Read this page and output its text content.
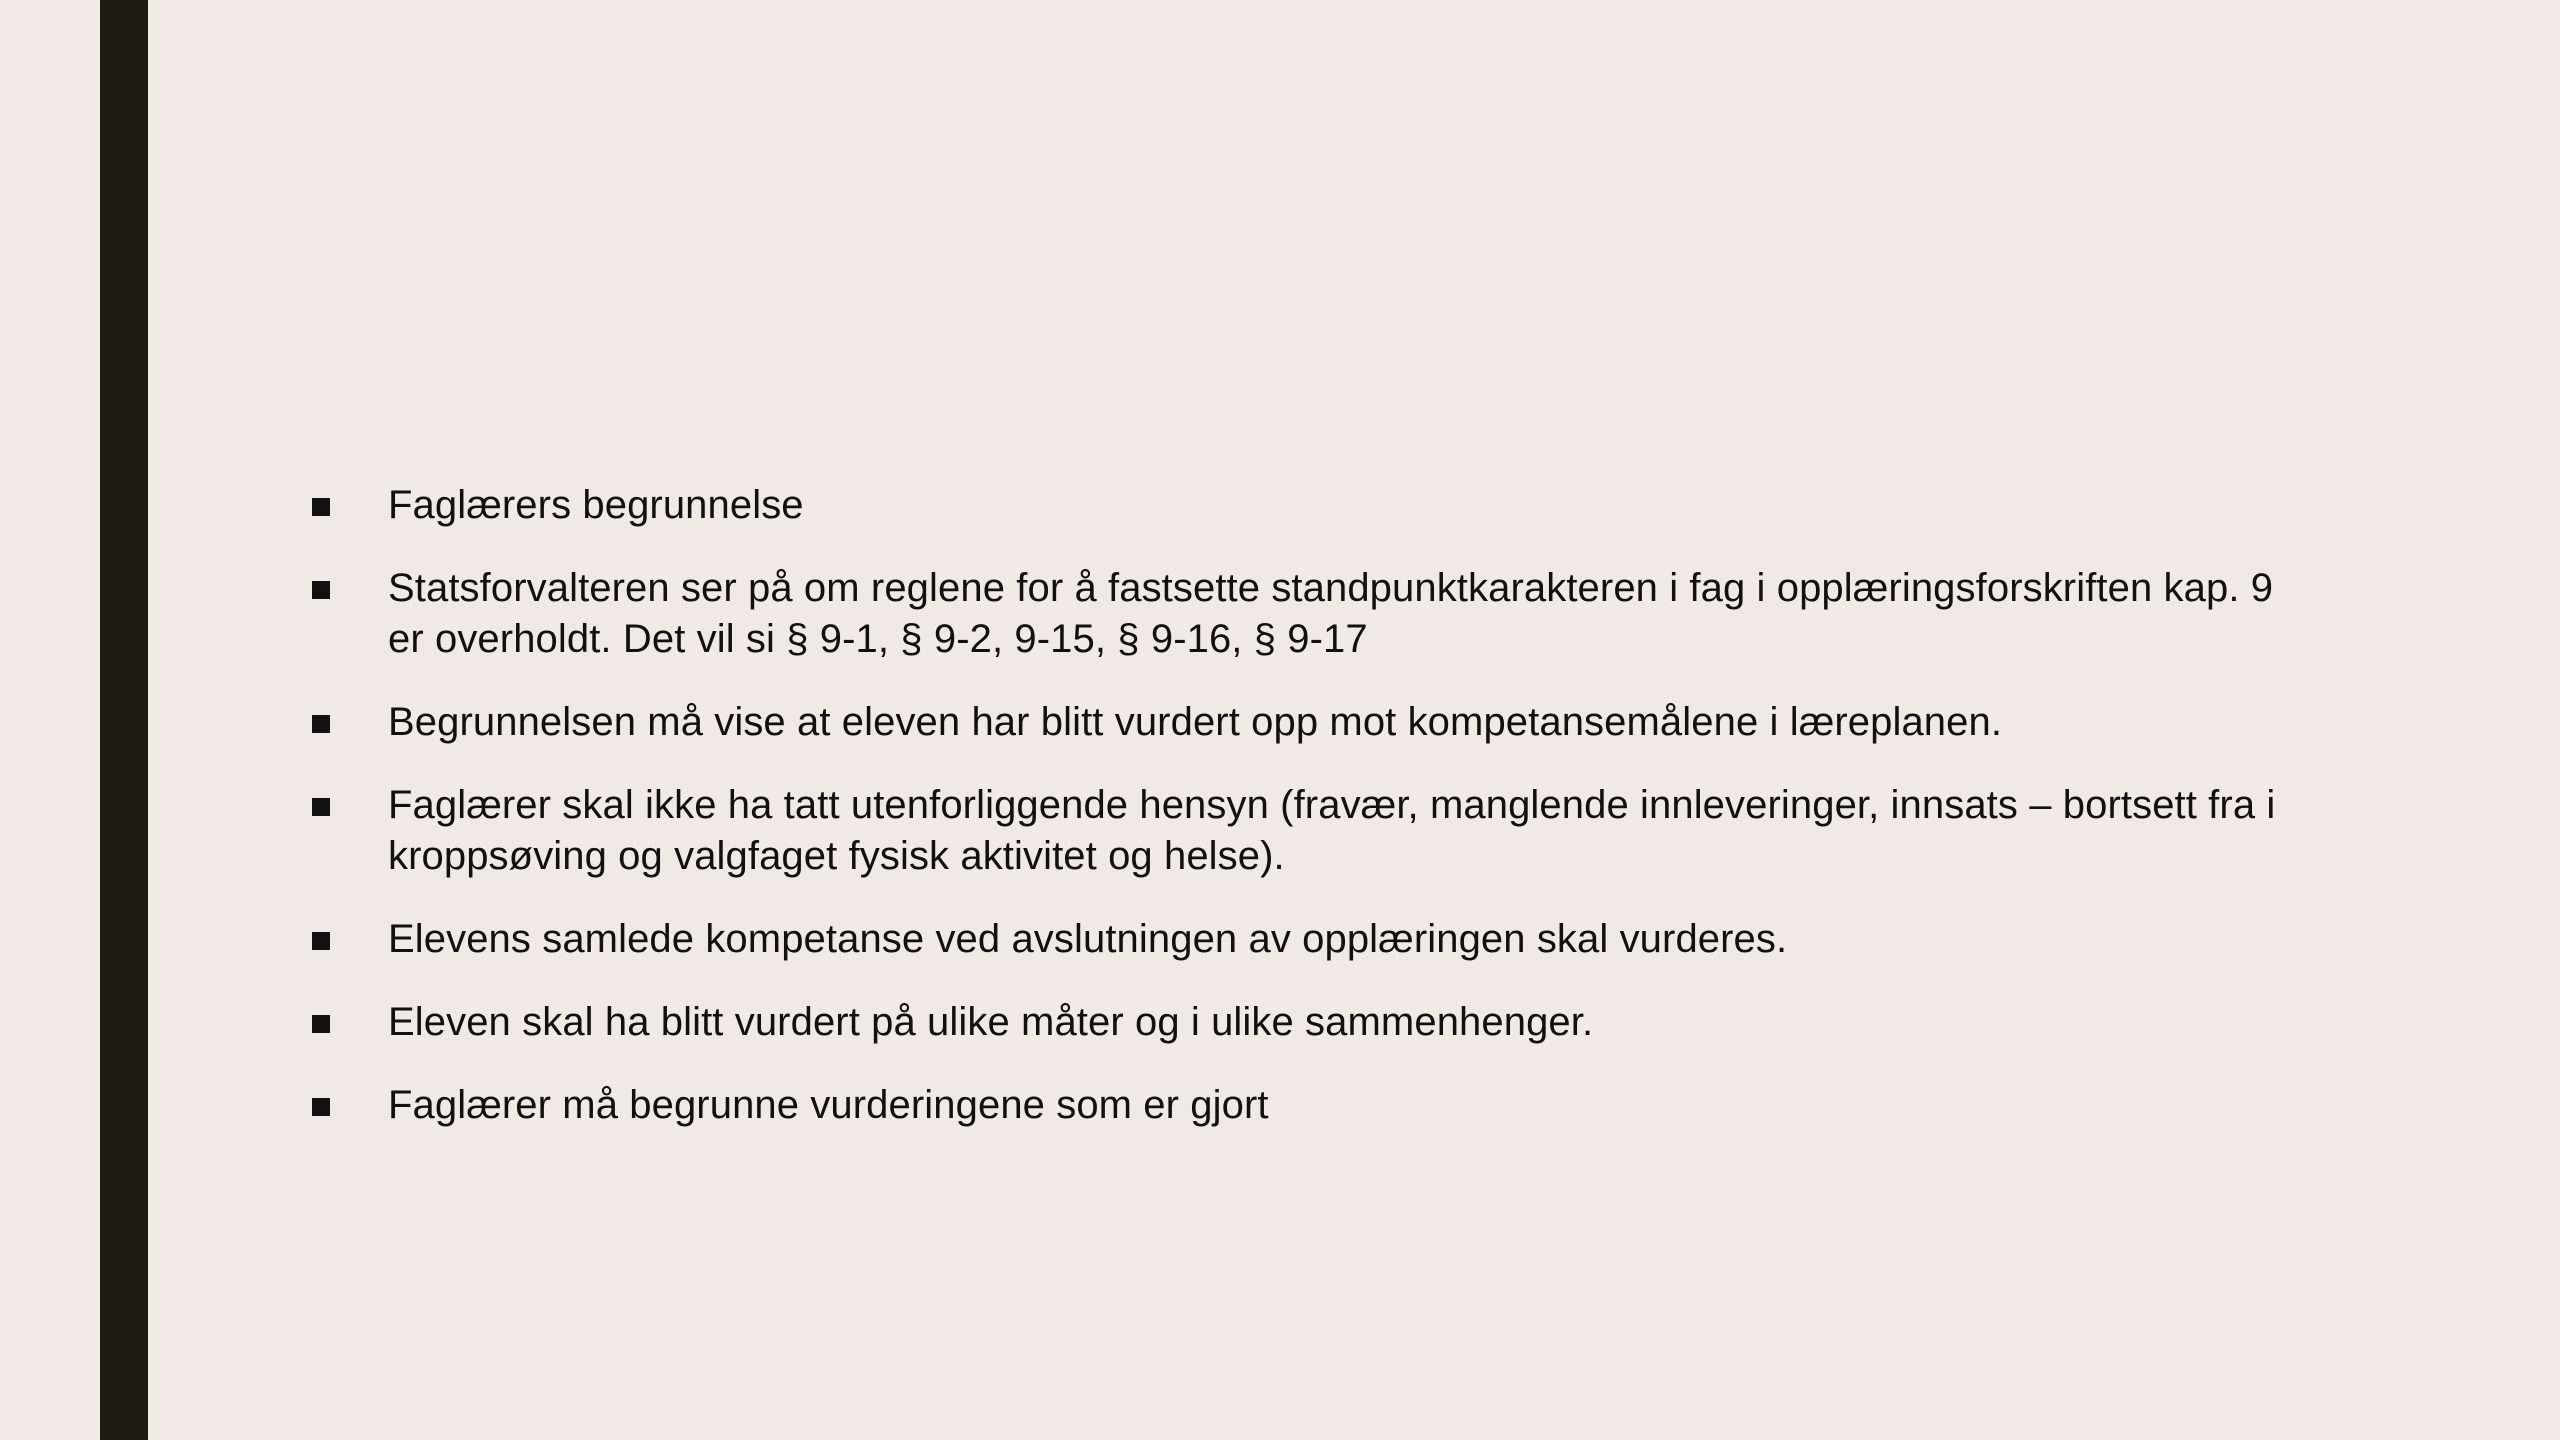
Faglærers begrunnelse
Statsforvalteren ser på om reglene for å fastsette standpunktkarakteren i fag i opplæringsforskriften kap. 9 er overholdt. Det vil si § 9-1, § 9-2, 9-15, § 9-16, § 9-17
Begrunnelsen må vise at eleven har blitt vurdert opp mot kompetansemålene i læreplanen.
Faglærer skal ikke ha tatt utenforliggende hensyn (fravær, manglende innleveringer, innsats – bortsett fra i kroppsøving og valgfaget fysisk aktivitet og helse).
Elevens samlede kompetanse ved avslutningen av opplæringen skal vurderes.
Eleven skal ha blitt vurdert på ulike måter og i ulike sammenhenger.
Faglærer må begrunne vurderingene som er gjort
